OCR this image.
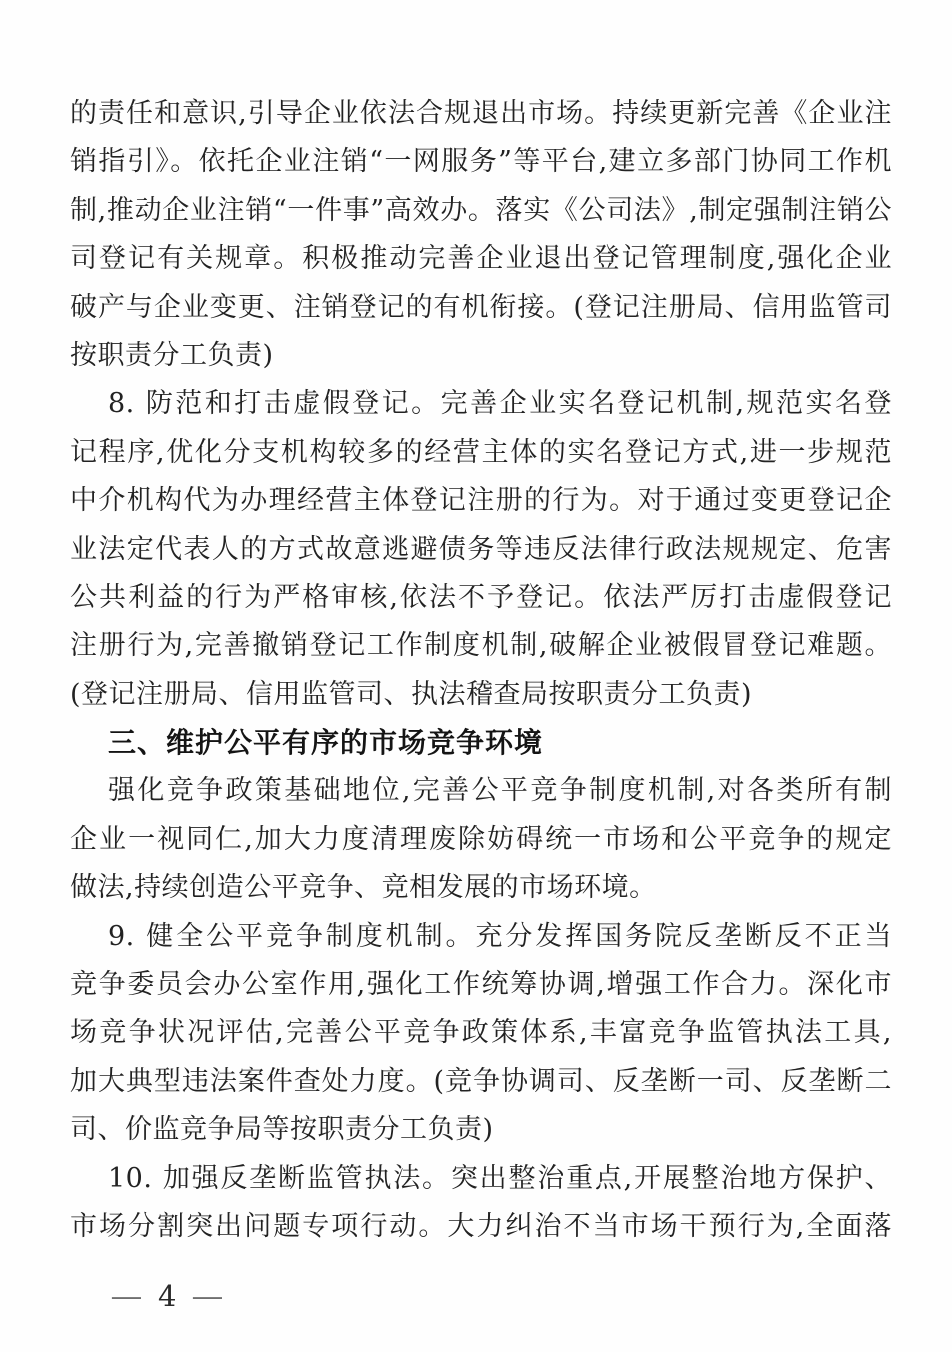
的责任和意识,引导企业依法合规退出市场。持续更新完善《企业注
销指引》。依托企业注销“一网服务”等平台,建立多部门协同工作机
制,推动企业注销“一件事”高效办。落实《公司法》,制定强制注销公
司登记有关规章。积极推动完善企业退出登记管理制度,强化企业
破产与企业变更、注销登记的有机衔接。(登记注册局、信用监管司
按职责分工负责)
8. 防范和打击虚假登记。完善企业实名登记机制,规范实名登
记程序,优化分支机构较多的经营主体的实名登记方式,进一步规范
中介机构代为办理经营主体登记注册的行为。对于通过变更登记企
业法定代表人的方式故意逃避债务等违反法律行政法规规定、危害
公共利益的行为严格审核,依法不予登记。依法严厉打击虚假登记
注册行为,完善撤销登记工作制度机制,破解企业被假冒登记难题。
(登记注册局、信用监管司、执法稽查局按职责分工负责)
三、维护公平有序的市场竞争环境
强化竞争政策基础地位,完善公平竞争制度机制,对各类所有制
企业一视同仁,加大力度清理废除妨碍统一市场和公平竞争的规定
做法,持续创造公平竞争、竞相发展的市场环境。
9. 健全公平竞争制度机制。充分发挥国务院反垄断反不正当
竞争委员会办公室作用,强化工作统筹协调,增强工作合力。深化市
场竞争状况评估,完善公平竞争政策体系,丰富竞争监管执法工具,
加大典型违法案件查处力度。(竞争协调司、反垄断一司、反垄断二
司、价监竞争局等按职责分工负责)
10. 加强反垄断监管执法。突出整治重点,开展整治地方保护、
市场分割突出问题专项行动。大力纠治不当市场干预行为,全面落
— 4 —
